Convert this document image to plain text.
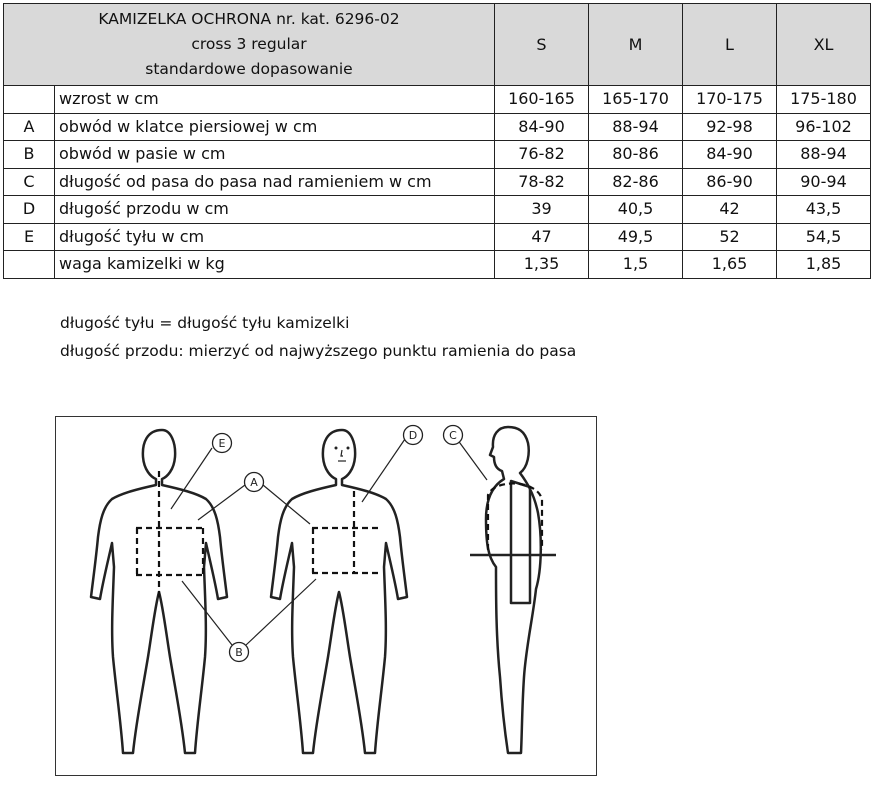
KAMIZELKA OCHRONA nr. kat. 6296-02
cross 3 regular
standardowe dopasowanie		S	M	L	XL
	wzrost w cm	160-165	165-170	170-175	175-180
A	obwód w klatce piersiowej w cm	84-90	88-94	92-98	96-102
B	obwód w pasie w cm	76-82	80-86	84-90	88-94
C	długość od pasa do pasa nad ramieniem w cm	78-82	82-86	86-90	90-94
D	długość przodu w cm	39	40,5	42	43,5
E	długość tyłu w cm	47	49,5	52	54,5
	waga kamizelki w kg	1,35	1,5	1,65	1,85
długość tyłu = długość tyłu kamizelki
długość przodu: mierzyć od najwyższego punktu ramienia do pasa
E
A
D	C
B
